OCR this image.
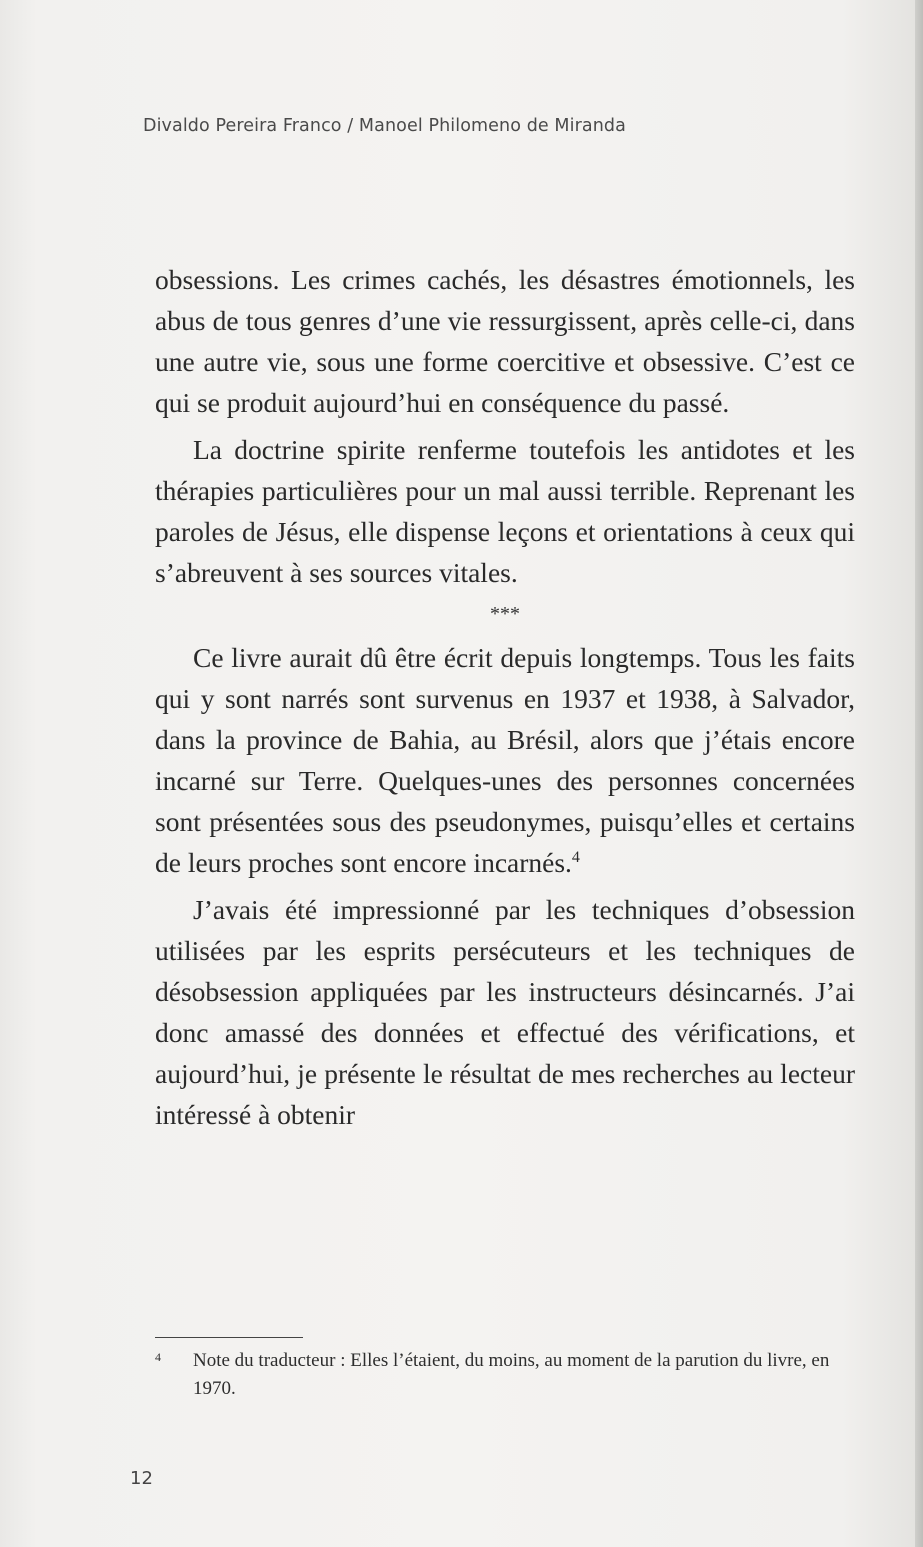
Divaldo Pereira Franco / Manoel Philomeno de Miranda

obsessions. Les crimes cachés, les désastres émotionnels, les abus de tous genres d’une vie ressurgissent, après celle-ci, dans une autre vie, sous une forme coercitive et obsessive. C’est ce qui se produit aujourd’hui en conséquence du passé.

La doctrine spirite renferme toutefois les antidotes et les thérapies particulières pour un mal aussi terrible. Reprenant les paroles de Jésus, elle dispense leçons et orientations à ceux qui s’abreuvent à ses sources vitales.

***

Ce livre aurait dû être écrit depuis longtemps. Tous les faits qui y sont narrés sont survenus en 1937 et 1938, à Salvador, dans la province de Bahia, au Brésil, alors que j’étais encore incarné sur Terre. Quelques-unes des personnes concernées sont présentées sous des pseudonymes, puisqu’elles et certains de leurs proches sont encore incarnés.$^4$

J’avais été impressionné par les techniques d’obsession utilisées par les esprits persécuteurs et les techniques de désobsession appliquées par les instructeurs désincarnés. J’ai donc amassé des données et effectué des vérifications, et aujourd’hui, je présente le résultat de mes recherches au lecteur intéressé à obtenir

4 Note du traducteur : Elles l’étaient, du moins, au moment de la parution du livre, en 1970.
12
